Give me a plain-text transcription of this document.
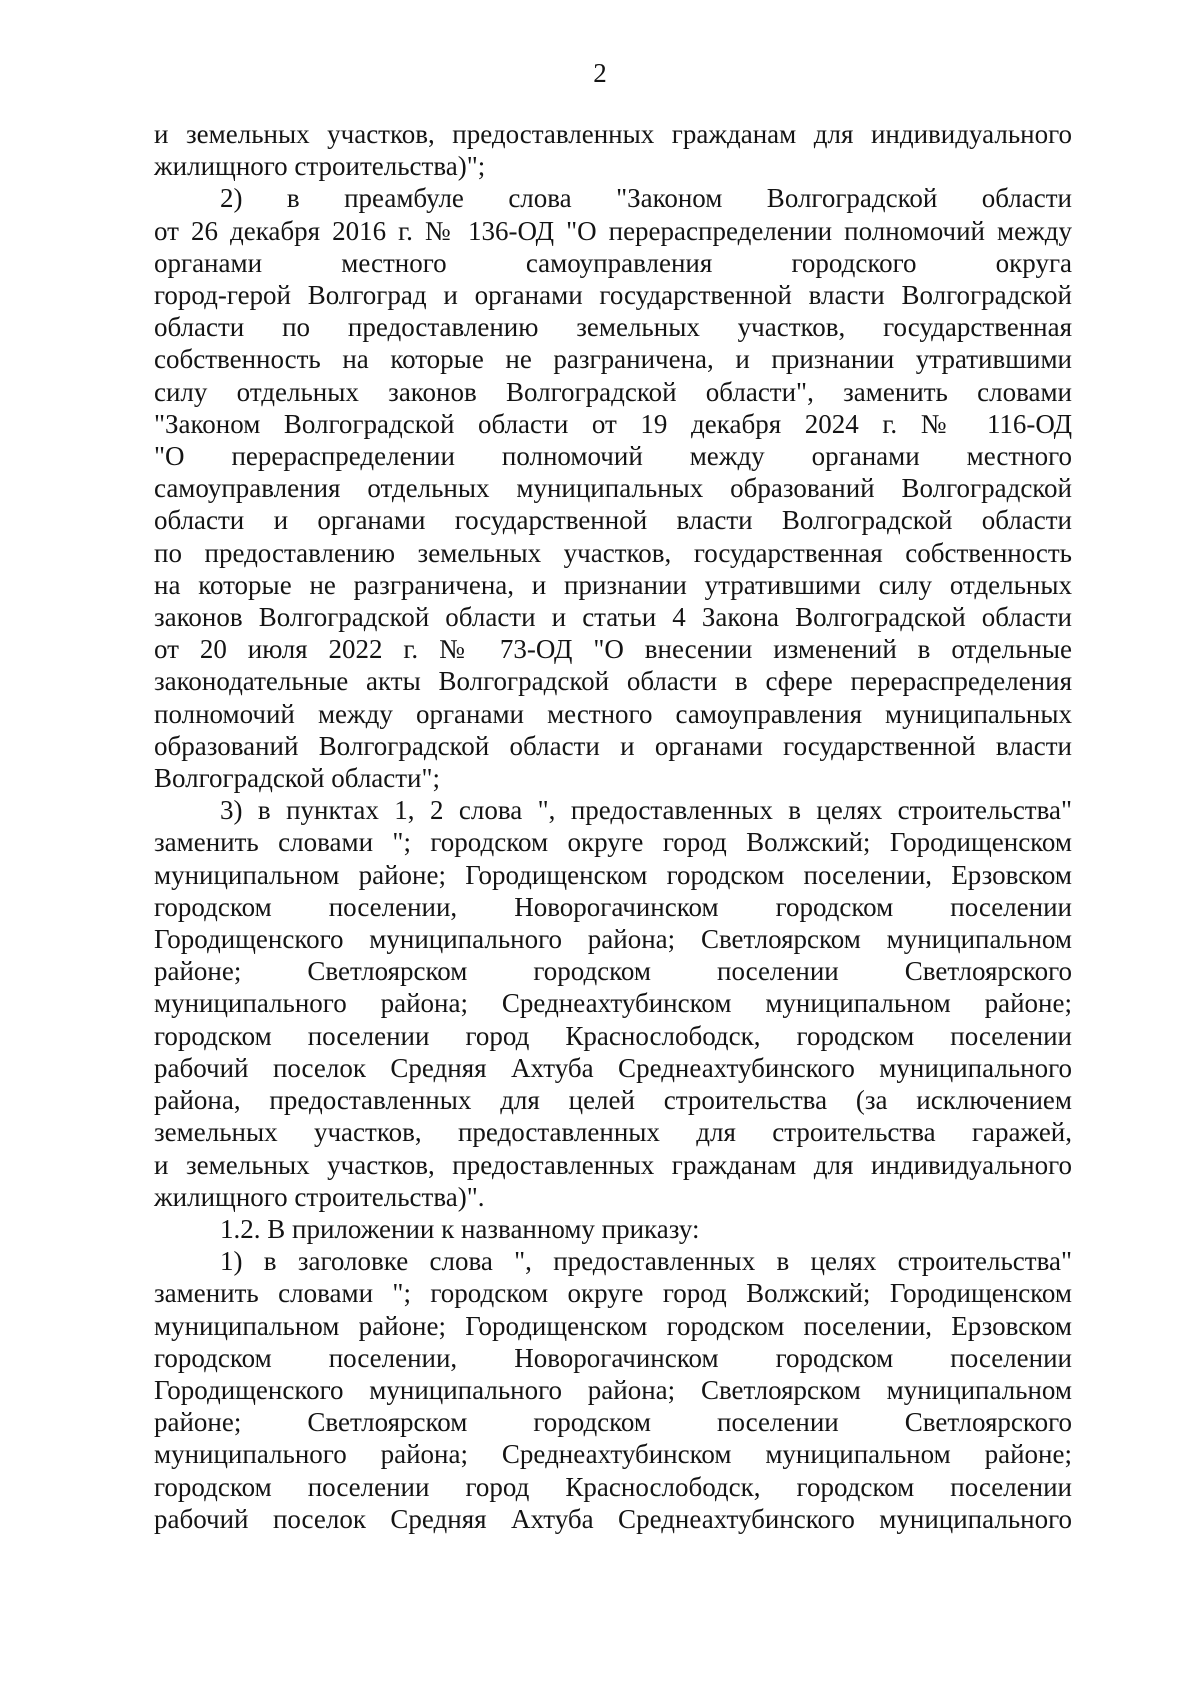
2
и земельных участков, предоставленных гражданам для индивидуального
жилищного строительства)";
2) в преамбуле слова "Законом Волгоградской области
от 26 декабря 2016 г. № 136-ОД "О перераспределении полномочий между
органами местного самоуправления городского округа
город-герой Волгоград и органами государственной власти Волгоградской
области по предоставлению земельных участков, государственная
собственность на которые не разграничена, и признании утратившими
силу отдельных законов Волгоградской области", заменить словами
"Законом Волгоградской области от 19 декабря 2024 г. № 116-ОД
"О перераспределении полномочий между органами местного
самоуправления отдельных муниципальных образований Волгоградской
области и органами государственной власти Волгоградской области
по предоставлению земельных участков, государственная собственность
на которые не разграничена, и признании утратившими силу отдельных
законов Волгоградской области и статьи 4 Закона Волгоградской области
от 20 июля 2022 г. № 73-ОД "О внесении изменений в отдельные
законодательные акты Волгоградской области в сфере перераспределения
полномочий между органами местного самоуправления муниципальных
образований Волгоградской области и органами государственной власти
Волгоградской области";
3) в пунктах 1, 2 слова ", предоставленных в целях строительства"
заменить словами "; городском округе город Волжский; Городищенском
муниципальном районе; Городищенском городском поселении, Ерзовском
городском поселении, Новорогачинском городском поселении
Городищенского муниципального района; Светлоярском муниципальном
районе; Светлоярском городском поселении Светлоярского
муниципального района; Среднеахтубинском муниципальном районе;
городском поселении город Краснослободск, городском поселении
рабочий поселок Средняя Ахтуба Среднеахтубинского муниципального
района, предоставленных для целей строительства (за исключением
земельных участков, предоставленных для строительства гаражей,
и земельных участков, предоставленных гражданам для индивидуального
жилищного строительства)".
1.2. В приложении к названному приказу:
1) в заголовке слова ", предоставленных в целях строительства"
заменить словами "; городском округе город Волжский; Городищенском
муниципальном районе; Городищенском городском поселении, Ерзовском
городском поселении, Новорогачинском городском поселении
Городищенского муниципального района; Светлоярском муниципальном
районе; Светлоярском городском поселении Светлоярского
муниципального района; Среднеахтубинском муниципальном районе;
городском поселении город Краснослободск, городском поселении
рабочий поселок Средняя Ахтуба Среднеахтубинского муниципального
